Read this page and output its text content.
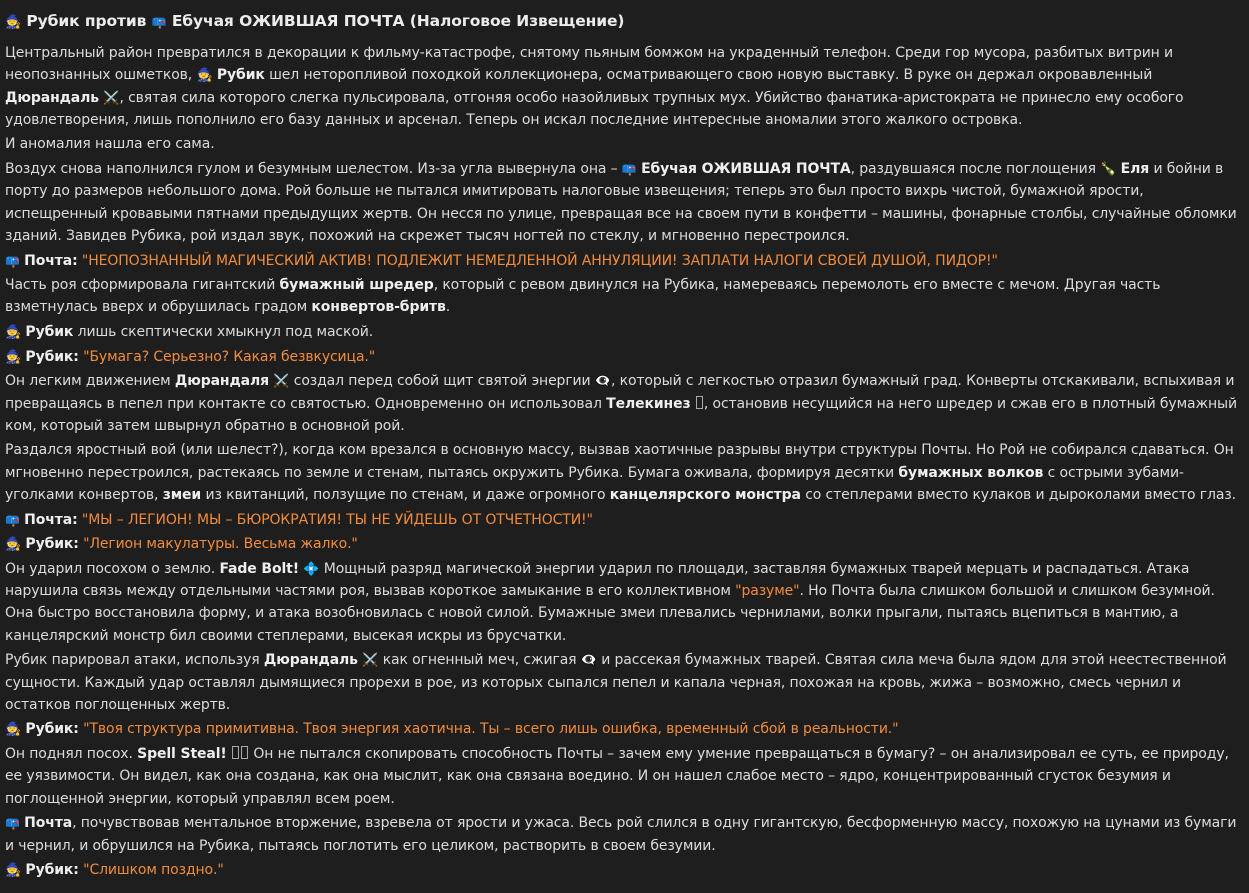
🧙 Рубик против 📪 Ебучая ОЖИВШАЯ ПОЧТА (Налоговое Извещение)
Центральный район превратился в декорации к фильму-катастрофе, снятому пьяным бомжом на украденный телефон. Среди гор мусора, разбитых витрин и неопознанных ошметков, 🧙 Рубик шел неторопливой походкой коллекционера, осматривающего свою новую выставку. В руке он держал окровавленный Дюрандаль ⚔️, святая сила которого слегка пульсировала, отгоняя особо назойливых трупных мух. Убийство фанатика-аристократа не принесло ему особого удовлетворения, лишь пополнило его базу данных и арсенал. Теперь он искал последние интересные аномалии этого жалкого островка.
И аномалия нашла его сама.
Воздух снова наполнился гулом и безумным шелестом. Из-за угла вывернула она – 📪 Ебучая ОЖИВШАЯ ПОЧТА, раздувшаяся после поглощения 🍾 Еля и бойни в порту до размеров небольшого дома. Рой больше не пытался имитировать налоговые извещения; теперь это был просто вихрь чистой, бумажной ярости, испещренный кровавыми пятнами предыдущих жертв. Он несся по улице, превращая все на своем пути в конфетти – машины, фонарные столбы, случайные обломки зданий. Завидев Рубика, рой издал звук, похожий на скрежет тысяч ногтей по стеклу, и мгновенно перестроился.
📪 Почта: "НЕОПОЗНАННЫЙ МАГИЧЕСКИЙ АКТИВ! ПОДЛЕЖИТ НЕМЕДЛЕННОЙ АННУЛЯЦИИ! ЗАПЛАТИ НАЛОГИ СВОЕЙ ДУШОЙ, ПИДОР!"
Часть роя сформировала гигантский бумажный шредер, который с ревом двинулся на Рубика, намереваясь перемолоть его вместе с мечом. Другая часть взметнулась вверх и обрушилась градом конвертов-бритв.
🧙 Рубик лишь скептически хмыкнул под маской.
🧙 Рубик: "Бумага? Серьезно? Какая безвкусица."
Он легким движением Дюрандаля ⚔️ создал перед собой щит святой энергии 👁️‍🗨️, который с легкостью отразил бумажный град. Конверты отскакивали, вспыхивая и превращаясь в пепел при контакте со святостью. Одновременно он использовал Телекинез , остановив несущийся на него шредер и сжав его в плотный бумажный ком, который затем швырнул обратно в основной рой.
Раздался яростный вой (или шелест?), когда ком врезался в основную массу, вызвав хаотичные разрывы внутри структуры Почты. Но Рой не собирался сдаваться. Он мгновенно перестроился, растекаясь по земле и стенам, пытаясь окружить Рубика. Бумага оживала, формируя десятки бумажных волков с острыми зубами-уголками конвертов, змеи из квитанций, ползущие по стенам, и даже огромного канцелярского монстра со степлерами вместо кулаков и дыроколами вместо глаз.
📪 Почта: "МЫ – ЛЕГИОН! МЫ – БЮРОКРАТИЯ! ТЫ НЕ УЙДЕШЬ ОТ ОТЧЕТНОСТИ!"
🧙 Рубик: "Легион макулатуры. Весьма жалко."
Он ударил посохом о землю. Fade Bolt! 💠 Мощный разряд магической энергии ударил по площади, заставляя бумажных тварей мерцать и распадаться. Атака нарушила связь между отдельными частями роя, вызвав короткое замыкание в его коллективном "разуме". Но Почта была слишком большой и слишком безумной. Она быстро восстановила форму, и атака возобновилась с новой силой. Бумажные змеи плевались чернилами, волки прыгали, пытаясь вцепиться в мантию, а канцелярский монстр бил своими степлерами, высекая искры из брусчатки.
Рубик парировал атаки, используя Дюрандаль ⚔️ как огненный меч, сжигая 👁️‍🗨️ и рассекая бумажных тварей. Святая сила меча была ядом для этой неестественной сущности. Каждый удар оставлял дымящиеся прорехи в рое, из которых сыпался пепел и капала черная, похожая на кровь, жижа – возможно, смесь чернил и остатков поглощенных жертв.
🧙 Рубик: "Твоя структура примитивна. Твоя энергия хаотична. Ты – всего лишь ошибка, временный сбой в реальности."
Он поднял посох. Spell Steal! Он не пытался скопировать способность Почты – зачем ему умение превращаться в бумагу? – он анализировал ее суть, ее природу, ее уязвимости. Он видел, как она создана, как она мыслит, как она связана воедино. И он нашел слабое место – ядро, концентрированный сгусток безумия и поглощенной энергии, который управлял всем роем.
📪 Почта, почувствовав ментальное вторжение, взревела от ярости и ужаса. Весь рой слился в одну гигантскую, бесформенную массу, похожую на цунами из бумаги и чернил, и обрушился на Рубика, пытаясь поглотить его целиком, растворить в своем безумии.
🧙 Рубик: "Слишком поздно."
